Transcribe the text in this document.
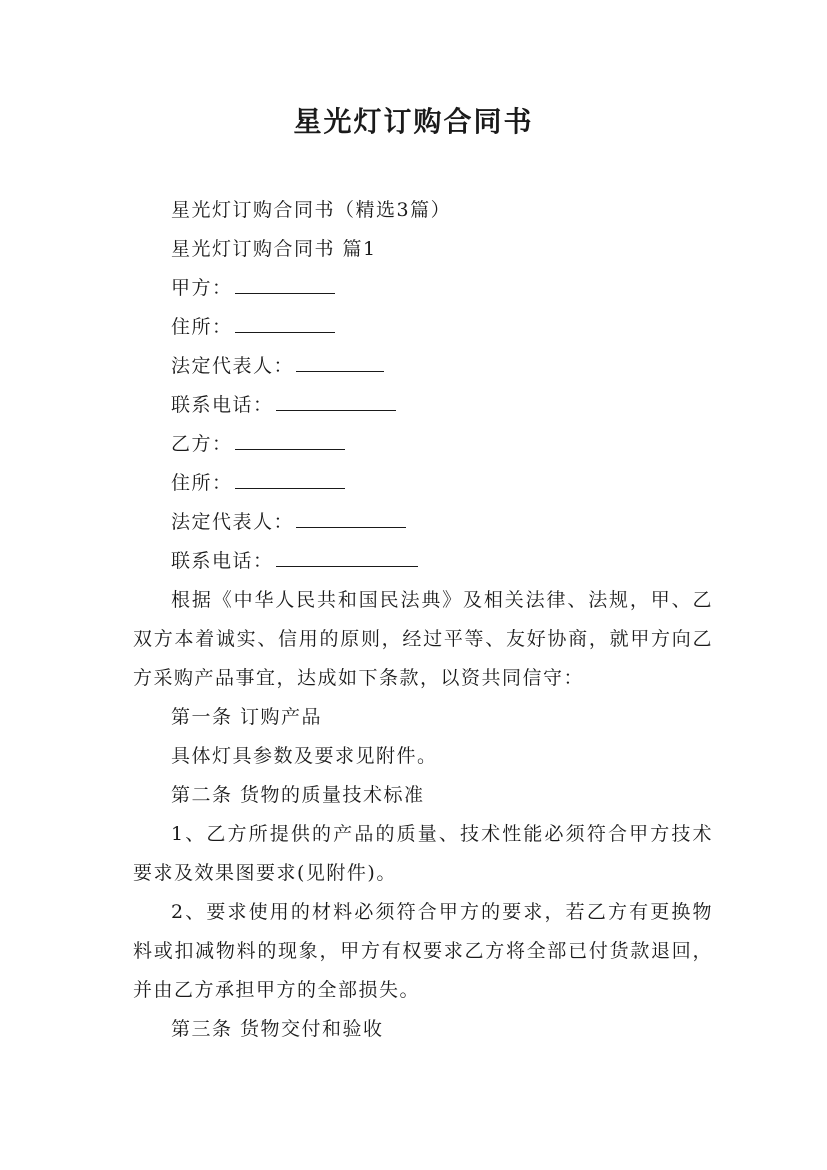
星光灯订购合同书

星光灯订购合同书（精选3篇）

星光灯订购合同书 篇1

甲方：

住所：

法定代表人：

联系电话：

乙方：

住所：

法定代表人：

联系电话：

根据《中华人民共和国民法典》及相关法律、法规，甲、乙双方本着诚实、信用的原则，经过平等、友好协商，就甲方向乙方采购产品事宜，达成如下条款，以资共同信守：

第一条 订购产品

具体灯具参数及要求见附件。

第二条 货物的质量技术标准

1、乙方所提供的产品的质量、技术性能必须符合甲方技术要求及效果图要求(见附件)。

2、要求使用的材料必须符合甲方的要求，若乙方有更换物料或扣减物料的现象，甲方有权要求乙方将全部已付货款退回，并由乙方承担甲方的全部损失。

第三条 货物交付和验收
